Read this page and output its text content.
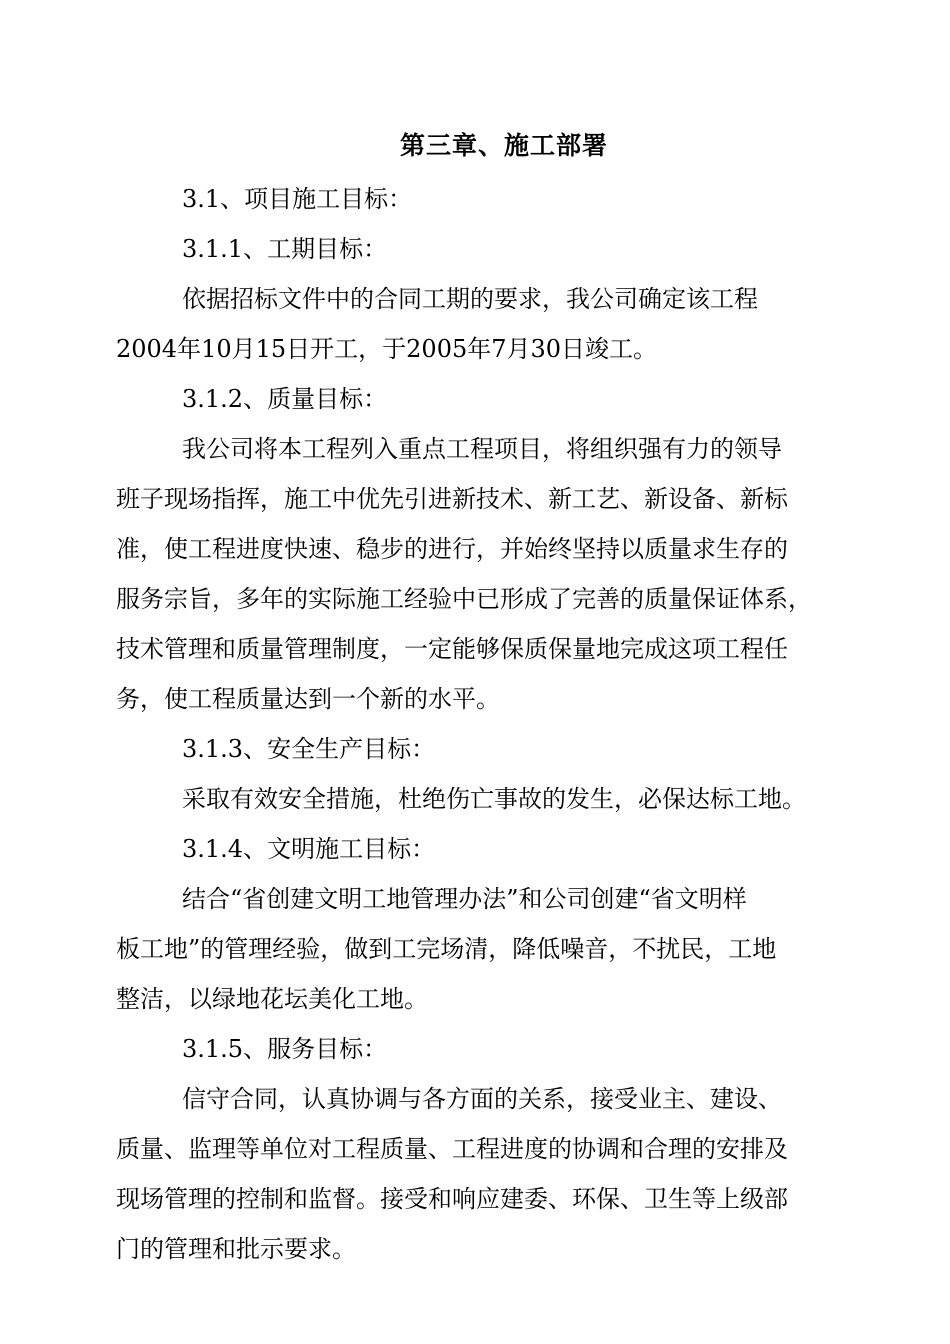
第三章、施工部署
3.1、项目施工目标：
3.1.1、工期目标：
依据招标文件中的合同工期的要求，我公司确定该工程
2004年10月15日开工，于2005年7月30日竣工。
3.1.2、质量目标：
我公司将本工程列入重点工程项目，将组织强有力的领导
班子现场指挥，施工中优先引进新技术、新工艺、新设备、新标
准，使工程进度快速、稳步的进行，并始终坚持以质量求生存的
服务宗旨，多年的实际施工经验中已形成了完善的质量保证体系，
技术管理和质量管理制度，一定能够保质保量地完成这项工程任
务，使工程质量达到一个新的水平。
3.1.3、安全生产目标：
采取有效安全措施，杜绝伤亡事故的发生，必保达标工地。
3.1.4、文明施工目标：
结合“省创建文明工地管理办法”和公司创建“省文明样
板工地”的管理经验，做到工完场清，降低噪音，不扰民，工地
整洁，以绿地花坛美化工地。
3.1.5、服务目标：
信守合同，认真协调与各方面的关系，接受业主、建设、
质量、监理等单位对工程质量、工程进度的协调和合理的安排及
现场管理的控制和监督。接受和响应建委、环保、卫生等上级部
门的管理和批示要求。
